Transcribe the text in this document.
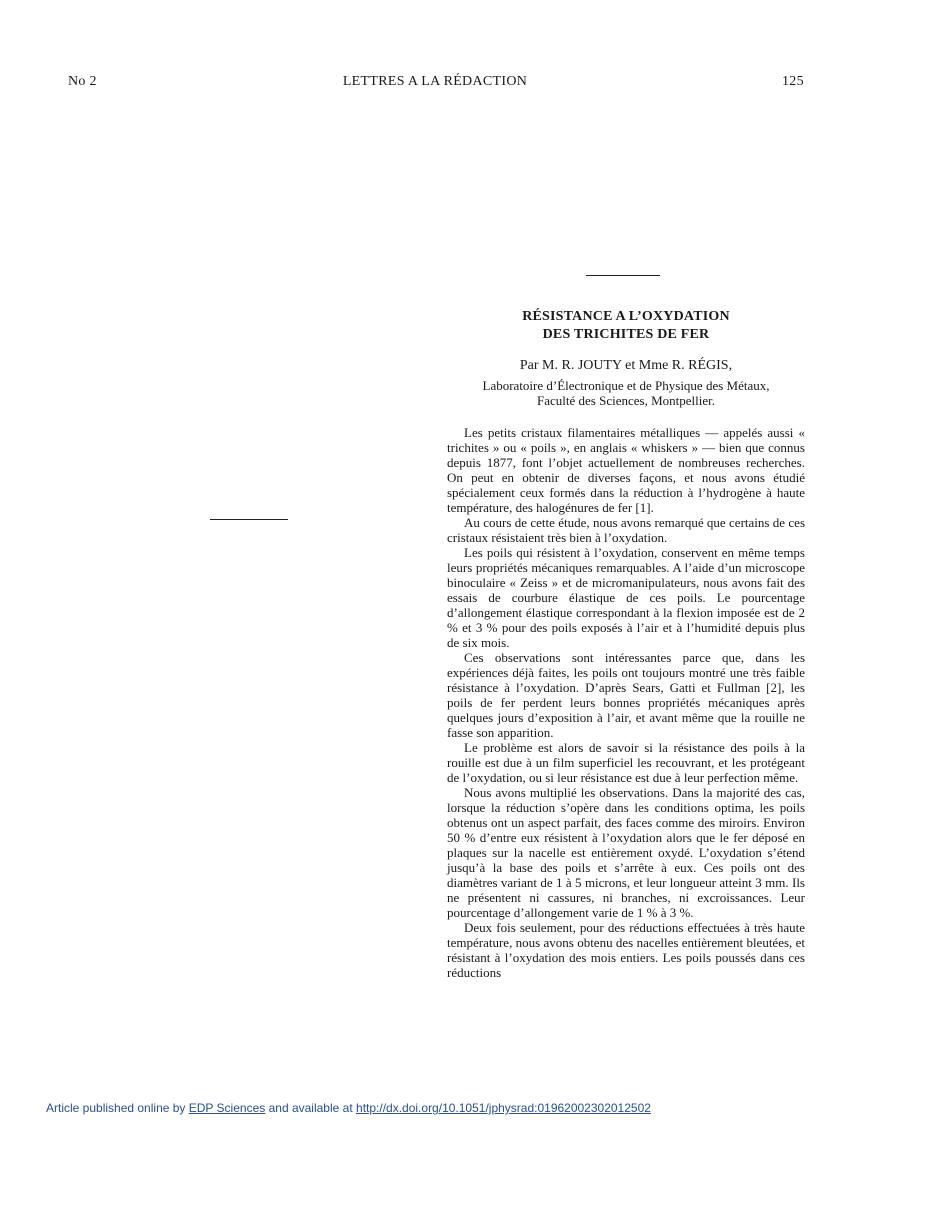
No 2	LETTRES A LA RÉDACTION	125
RÉSISTANCE A L’OXYDATION
DES TRICHITES DE FER
Par M. R. JOUTY et Mme R. RÉGIS,
Laboratoire d’Électronique et de Physique des Métaux,
Faculté des Sciences, Montpellier.

Les petits cristaux filamentaires métalliques — appelés aussi « trichites » ou « poils », en anglais « whiskers » — bien que connus depuis 1877, font l’objet actuellement de nombreuses recherches. On peut en obtenir de diverses façons, et nous avons étudié spécialement ceux formés dans la réduction à l’hydrogène à haute température, des halogénures de fer [1].

Au cours de cette étude, nous avons remarqué que certains de ces cristaux résistaient très bien à l’oxydation.

Les poils qui résistent à l’oxydation, conservent en même temps leurs propriétés mécaniques remarquables. A l’aide d’un microscope binoculaire « Zeiss » et de micromanipulateurs, nous avons fait des essais de courbure élastique de ces poils. Le pourcentage d’allongement élastique correspondant à la flexion imposée est de 2 % et 3 % pour des poils exposés à l’air et à l’humidité depuis plus de six mois.

Ces observations sont intéressantes parce que, dans les expériences déjà faites, les poils ont toujours montré une très faible résistance à l’oxydation. D’après Sears, Gatti et Fullman [2], les poils de fer perdent leurs bonnes propriétés mécaniques après quelques jours d’exposition à l’air, et avant même que la rouille ne fasse son apparition.

Le problème est alors de savoir si la résistance des poils à la rouille est due à un film superficiel les recouvrant, et les protégeant de l’oxydation, ou si leur résistance est due à leur perfection même.

Nous avons multiplié les observations. Dans la majorité des cas, lorsque la réduction s’opère dans les conditions optima, les poils obtenus ont un aspect parfait, des faces comme des miroirs. Environ 50 % d’entre eux résistent à l’oxydation alors que le fer déposé en plaques sur la nacelle est entièrement oxydé. L’oxydation s’étend jusqu’à la base des poils et s’arrête à eux. Ces poils ont des diamètres variant de 1 à 5 microns, et leur longueur atteint 3 mm. Ils ne présentent ni cassures, ni branches, ni excroissances. Leur pourcentage d’allongement varie de 1 % à 3 %.

Deux fois seulement, pour des réductions effectuées à très haute température, nous avons obtenu des nacelles entièrement bleutées, et résistant à l’oxydation des mois entiers. Les poils poussés dans ces réductions

Article published online by EDP Sciences and available at http://dx.doi.org/10.1051/jphysrad:01962002302012502
